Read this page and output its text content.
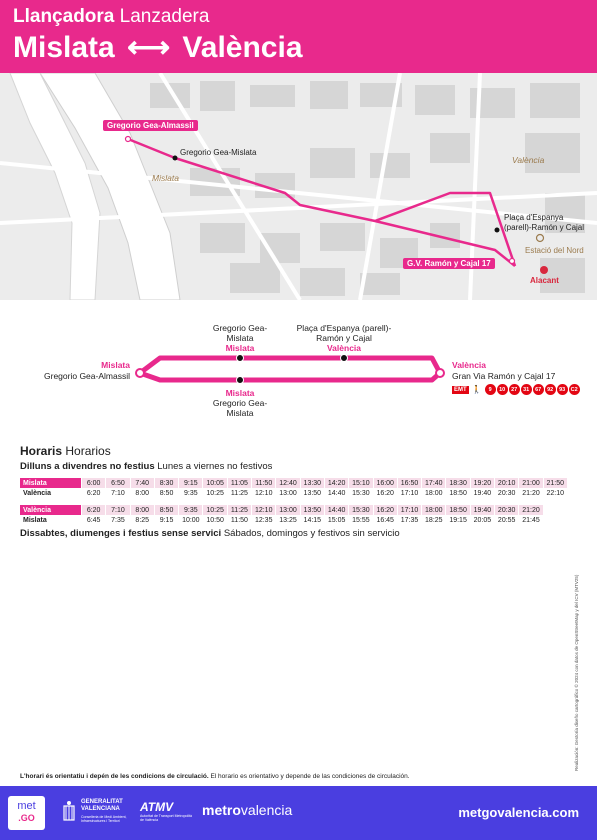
Llançadora Lanzadera
Mislata ⟷ València
Gregorio Gea-Almassil
Gregorio Gea-Mislata
Plaça d'Espanya
(parell)-Ramón y Cajal
G.V. Ramón y Cajal 17
Mislata
València
Estació del Nord
Alacant
Gregorio Gea-
Mislata
Mislata
Plaça d'Espanya (parell)-
Ramón y Cajal
València
Mislata
Gregorio Gea-
Mislata
Mislata
Gregorio Gea-Almassil
València
Gran Via Ramón y Cajal 17
EMT 🚶	9	10	27	31	67	92	93 C2
Horaris Horarios
Dilluns a divendres no festius Lunes a viernes no festivos
Mislata	6:00	6:50	7:40	8:30	9:15	10:05	11:05	11:50	12:40	13:30	14:20	15:10	16:00	16:50	17:40	18:30	19:20	20:10	21:00	21:50
València	6:20	7:10	8:00	8:50	9:35	10:25	11:25	12:10	13:00	13:50	14:40	15:30	16:20	17:10	18:00	18:50	19:40	20:30	21:20	22:10
València	6:20	7:10	8:00	8:50	9:35	10:25	11:25	12:10	13:00	13:50	14:40	15:30	16:20	17:10	18:00	18:50	19:40	20:30	21:20
Mislata	6:45	7:35	8:25	9:15	10:00	10:50	11:50	12:35	13:25	14:15	15:05	15:55	16:45	17:35	18:25	19:15	20:05	20:55	21:45
Dissabtes, diumenges i festius sense servici Sábados, domingos y festivos sin servicio
L'horari és orientatiu i depén de les condicions de circulació. El horario es orientativo y depende de las condiciones de circulación.
Realización: Gestoría diseño cartográfico © 2024 con datos de OpenStreetMap y del ICV (MTV25)
met
.GO
GENERALITAT
VALENCIANA
Conselleria de Medi Ambient, Infraestructures i Territori
ATMV
Autoritat de Transport Metropolità de València
metrovalencia	metgovalencia.com
